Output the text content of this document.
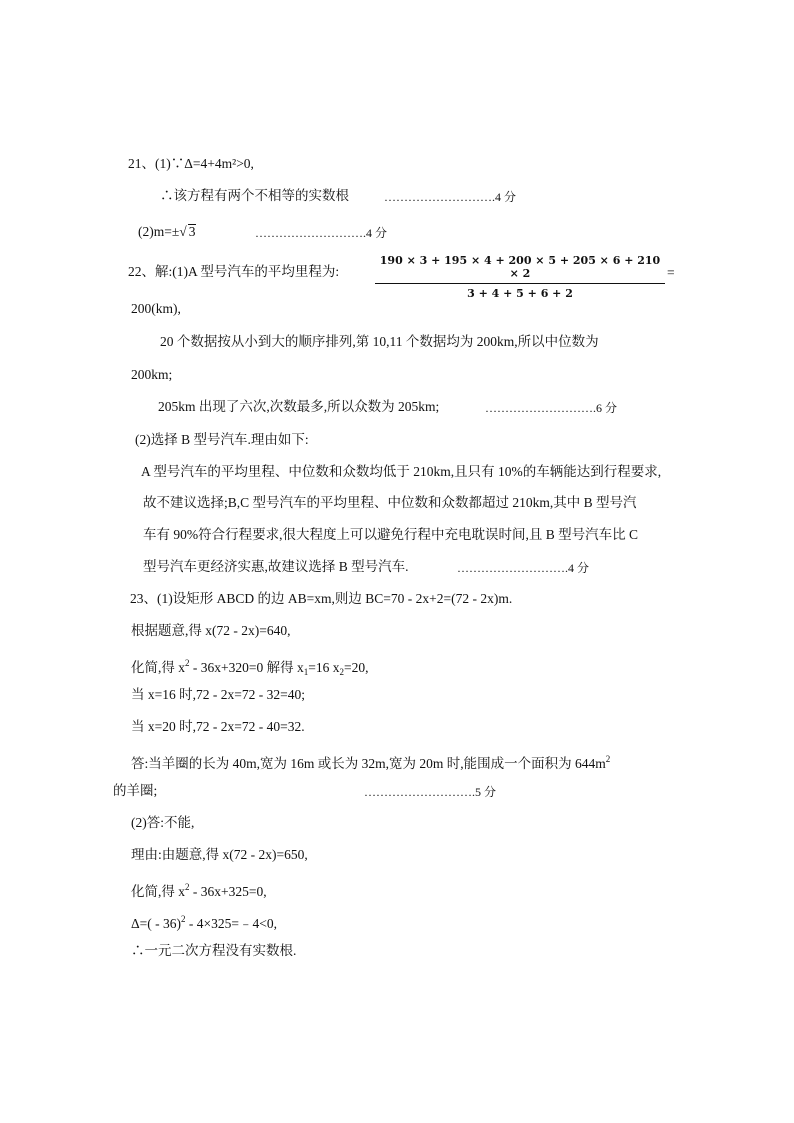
21、(1)∵Δ=4+4m²>0,
∴该方程有两个不相等的实数根	……………………….4 分
(2)m=±√ 3	……………………….4 分
22、解:(1)A 型号汽车的平均里程为:	$\frac{190 \times 3 + 195 \times 4 + 200 \times 5 + 205 \times 6 + 210 \times 2}{3 + 4 + 5 + 6 + 2}$ =
200(km),
20 个数据按从小到大的顺序排列,第 10,11 个数据均为 200km,所以中位数为
200km;
205km 出现了六次,次数最多,所以众数为 205km;	……………………….6 分
(2)选择 B 型号汽车.理由如下:
A 型号汽车的平均里程、中位数和众数均低于 210km,且只有 10%的车辆能达到行程要求,
故不建议选择;B,C 型号汽车的平均里程、中位数和众数都超过 210km,其中 B 型号汽
车有 90%符合行程要求,很大程度上可以避免行程中充电耽误时间,且 B 型号汽车比 C
型号汽车更经济实惠,故建议选择 B 型号汽车.	……………………….4 分
23、(1)设矩形 ABCD 的边 AB=xm,则边 BC=70 - 2x+2=(72 - 2x)m.
根据题意,得 x(72 - 2x)=640,
化简,得 $x^2 - 36x+320=0$ 解得 $x_1=16$ $x_2=20$,
当 x=16 时,72 - 2x=72 - 32=40;
当 x=20 时,72 - 2x=72 - 40=32.
答:当羊圈的长为 40m,宽为 16m 或长为 32m,宽为 20m 时,能围成一个面积为 $644m^2$
的羊圈;	……………………….5 分
(2)答:不能,
理由:由题意,得 x(72 - 2x)=650,
化简,得 $x^2 - 36x+325=0$,
Δ=( - 36)$^2$ - 4×325=﹣4<0,
∴一元二次方程没有实数根.
